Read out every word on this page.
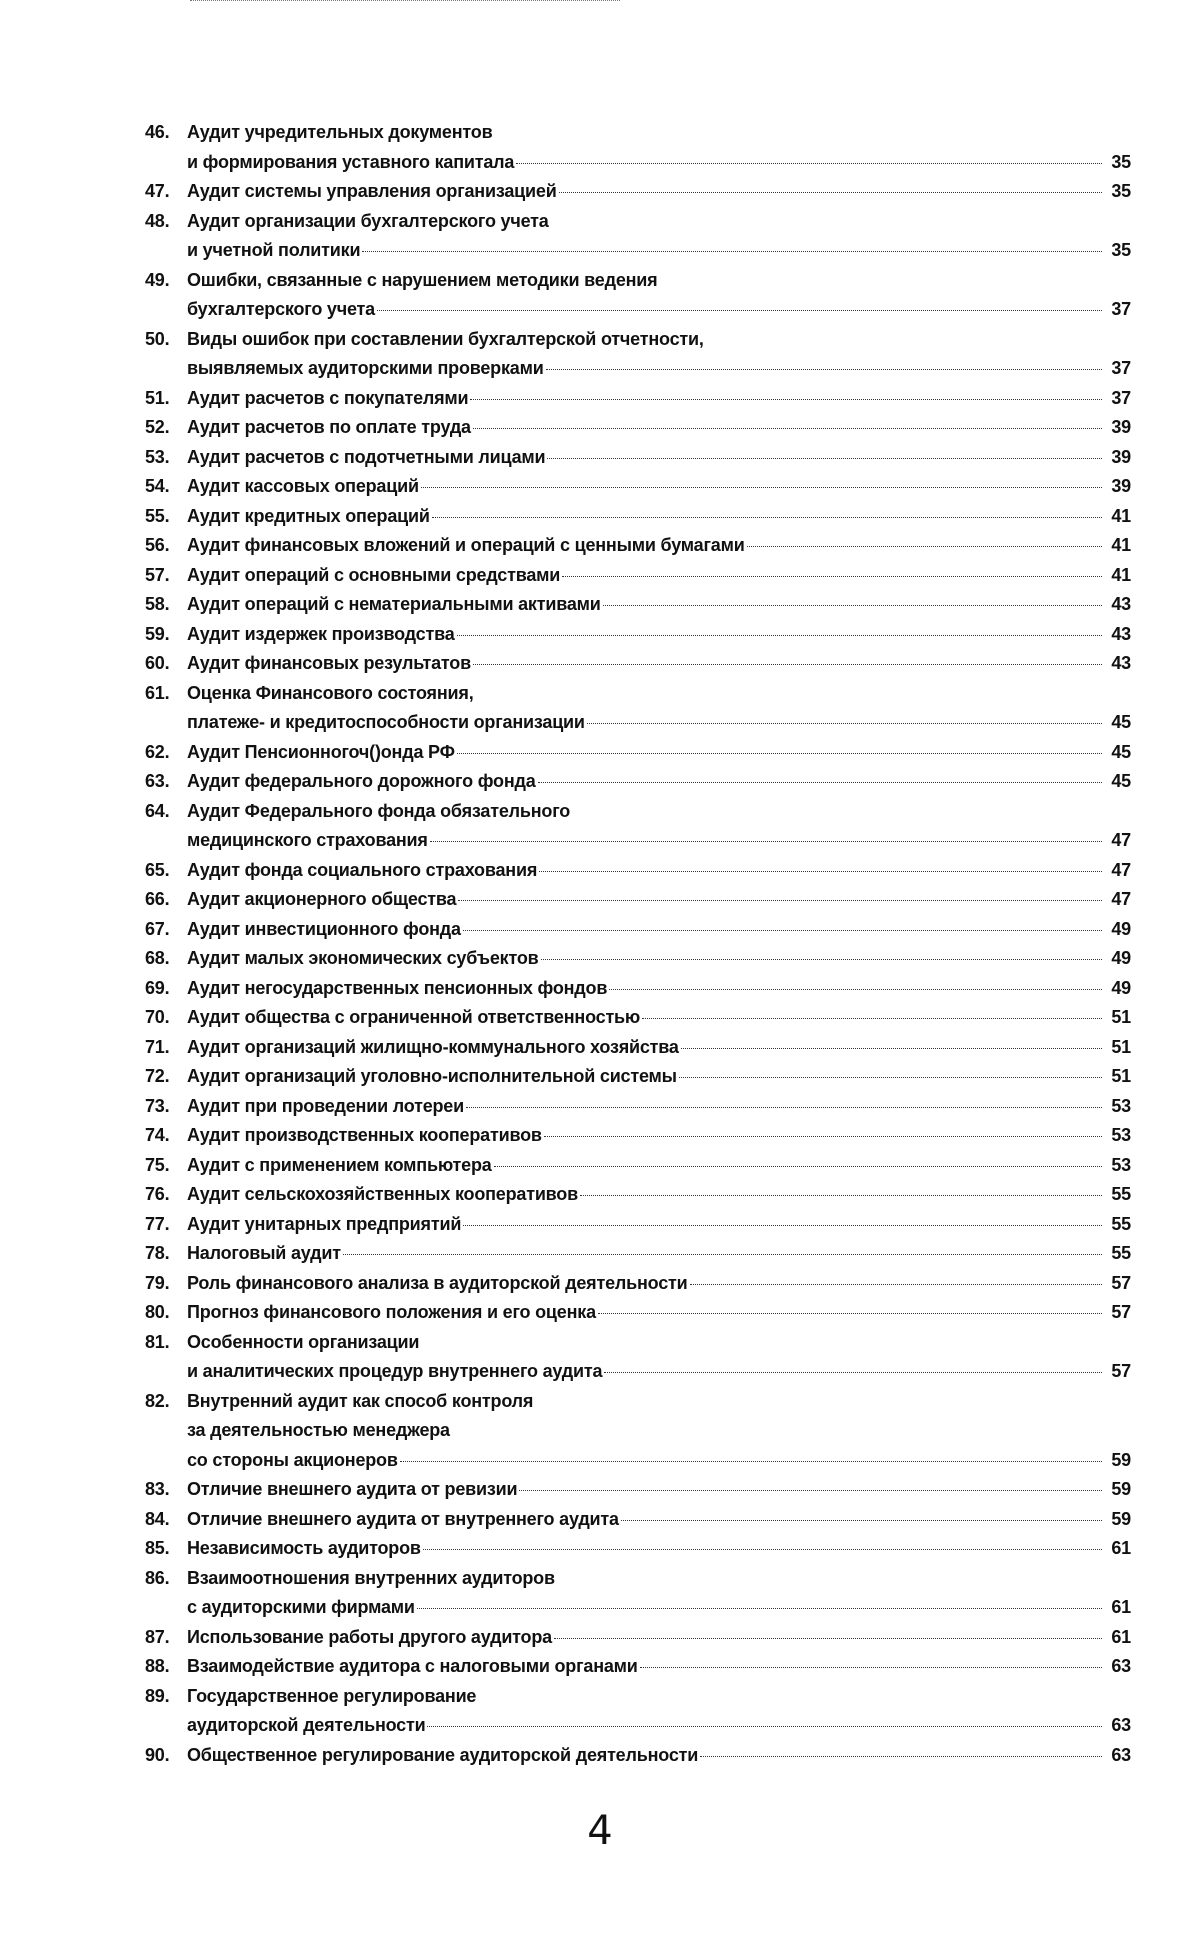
46. Аудит учредительных документов
и формирования уставного капитала	35
47. Аудит системы управления организацией	35
48. Аудит организации бухгалтерского учета
и учетной политики	35
49. Ошибки, связанные с нарушением методики ведения
бухгалтерского учета	37
50. Виды ошибок при составлении бухгалтерской отчетности,
выявляемых аудиторскими проверками	37
51. Аудит расчетов с покупателями	37
52. Аудит расчетов по оплате труда	39
53. Аудит расчетов с подотчетными лицами	39
54. Аудит кассовых операций	39
55. Аудит кредитных операций	41
56. Аудит финансовых вложений и операций с ценными бумагами	41
57. Аудит операций с основными средствами	41
58. Аудит операций с нематериальными активами	43
59. Аудит издержек производства	43
60. Аудит финансовых результатов	43
61. Оценка Финансового состояния,
платеже- и кредитоспособности организации	45
62. Аудит Пенсионногоч()онда РФ	45
63. Аудит федерального дорожного фонда	45
64. Аудит Федерального фонда обязательного
медицинского страхования	47
65. Аудит фонда социального страхования	47
66. Аудит акционерного общества	47
67. Аудит инвестиционного фонда	49
68. Аудит малых экономических субъектов	49
69. Аудит негосударственных пенсионных фондов	49
70. Аудит общества с ограниченной ответственностью	51
71. Аудит организаций жилищно-коммунального хозяйства	51
72. Аудит организаций уголовно-исполнительной системы	51
73. Аудит при проведении лотереи	53
74. Аудит производственных кооперативов	53
75. Аудит с применением компьютера	53
76. Аудит сельскохозяйственных кооперативов	55
77. Аудит унитарных предприятий	55
78. Налоговый аудит	55
79. Роль финансового анализа в аудиторской деятельности	57
80. Прогноз финансового положения и его оценка	57
81. Особенности организации
и аналитических процедур внутреннего аудита	57
82. Внутренний аудит как способ контроля
за деятельностью менеджера
со стороны акционеров	59
83. Отличие внешнего аудита от ревизии	59
84. Отличие внешнего аудита от внутреннего аудита	59
85. Независимость аудиторов	61
86. Взаимоотношения внутренних аудиторов
с аудиторскими фирмами	61
87. Использование работы другого аудитора	61
88. Взаимодействие аудитора с налоговыми органами	63
89. Государственное регулирование
аудиторской деятельности	63
90. Общественное регулирование аудиторской деятельности	63
4
